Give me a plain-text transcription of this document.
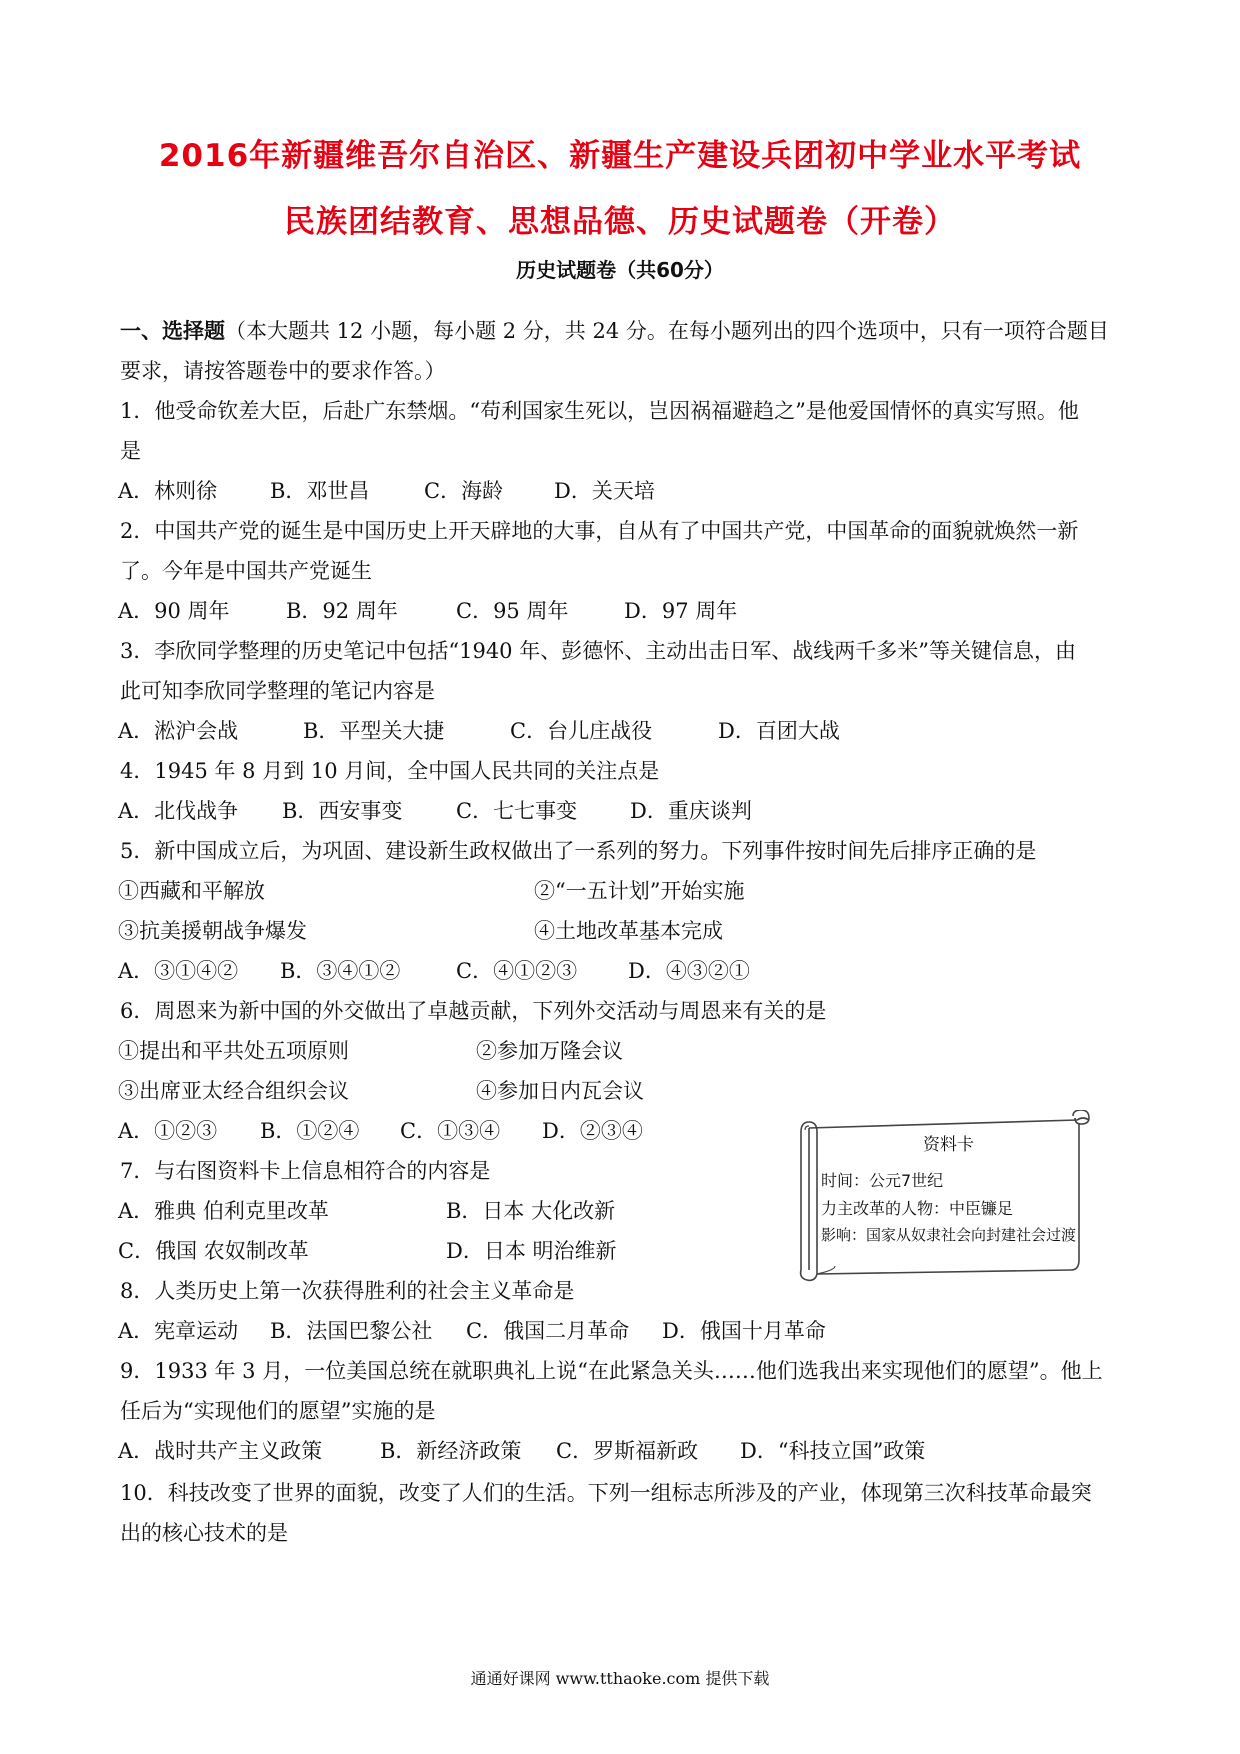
2016年新疆维吾尔自治区、新疆生产建设兵团初中学业水平考试
民族团结教育、思想品德、历史试题卷（开卷）
历史试题卷（共60分）
一、选择题（本大题共 12 小题，每小题 2 分，共 24 分。在每小题列出的四个选项中，只有一项符合题目
要求，请按答题卷中的要求作答。）
1．他受命钦差大臣，后赴广东禁烟。“苟利国家生死以，岂因祸福避趋之”是他爱国情怀的真实写照。他
是
A．林则徐	B．邓世昌	C．海龄 D．关天培
2．中国共产党的诞生是中国历史上开天辟地的大事，自从有了中国共产党，中国革命的面貌就焕然一新
了。今年是中国共产党诞生
A．90 周年	B．92 周年	C．95 周年	D．97 周年
3．李欣同学整理的历史笔记中包括“1940 年、彭德怀、主动出击日军、战线两千多米”等关键信息，由
此可知李欣同学整理的笔记内容是
A．淞沪会战	B．平型关大捷	C．台儿庄战役	D．百团大战
4．1945 年 8 月到 10 月间，全中国人民共同的关注点是
A．北伐战争 B．西安事变	C．七七事变	D．重庆谈判
5．新中国成立后，为巩固、建设新生政权做出了一系列的努力。下列事件按时间先后排序正确的是
①西藏和平解放	②“一五计划”开始实施
③抗美援朝战争爆发	④土地改革基本完成
A．③①④② B．③④①②	C．④①②③ D．④③②①
6．周恩来为新中国的外交做出了卓越贡献，下列外交活动与周恩来有关的是
①提出和平共处五项原则	②参加万隆会议
③出席亚太经合组织会议	④参加日内瓦会议
A．①②③ B．①②④ C．①③④ D．②③④
7．与右图资料卡上信息相符合的内容是
A．雅典 伯利克里改革	B．日本 大化改新
C．俄国 农奴制改革	D．日本 明治维新
资料卡
时间：公元7世纪
力主改革的人物：中臣镰足
影响：国家从奴隶社会向封建社会过渡
8．人类历史上第一次获得胜利的社会主义革命是
A．宪章运动 B．法国巴黎公社 C．俄国二月革命 D．俄国十月革命
9．1933 年 3 月，一位美国总统在就职典礼上说“在此紧急关头……他们选我出来实现他们的愿望”。他上
任后为“实现他们的愿望”实施的是
A．战时共产主义政策	B．新经济政策 C．罗斯福新政 D．“科技立国”政策
10．科技改变了世界的面貌，改变了人们的生活。下列一组标志所涉及的产业，体现第三次科技革命最突
出的核心技术的是
通通好课网 www.tthaoke.com 提供下载
